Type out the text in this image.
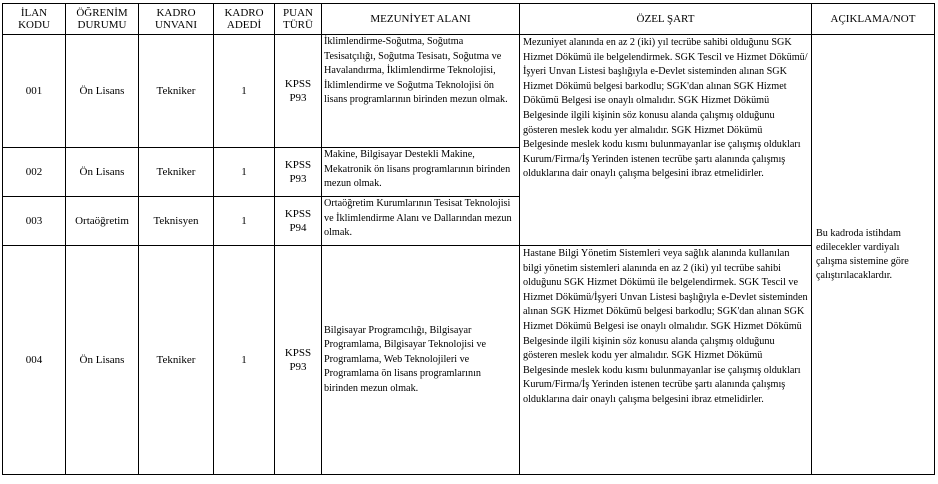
İLAN KODU	ÖĞRENİM DURUMU	KADRO UNVANI	KADRO ADEDİ	PUAN TÜRÜ	MEZUNİYET ALANI	ÖZEL ŞART	AÇIKLAMA/NOT
001	Ön Lisans	Tekniker	1	KPSS P93	İklimlendirme-Soğutma, Soğutma Tesisatçılığı, Soğutma Tesisatı, Soğutma ve Havalandırma, İklimlendirme Teknolojisi, İklimlendirme ve Soğutma Teknolojisi ön lisans programlarının birinden mezun olmak.	Mezuniyet alanında en az 2 (iki) yıl tecrübe sahibi olduğunu SGK Hizmet Dökümü ile belgelendirmek. SGK Tescil ve Hizmet Dökümü/İşyeri Unvan Listesi başlığıyla e-Devlet sisteminden alınan SGK Hizmet Dökümü belgesi barkodlu; SGK'dan alınan SGK Hizmet Dökümü Belgesi ise onaylı olmalıdır. SGK Hizmet Dökümü Belgesinde ilgili kişinin söz konusu alanda çalışmış olduğunu gösteren meslek kodu yer almalıdır. SGK Hizmet Dökümü Belgesinde meslek kodu kısmı bulunmayanlar ise çalışmış oldukları Kurum/Firma/İş Yerinden istenen tecrübe şartı alanında çalışmış olduklarına dair onaylı çalışma belgesini ibraz etmelidirler.	Bu kadroda istihdam edilecekler vardiyalı çalışma sistemine göre çalıştırılacaklardır.
002	Ön Lisans	Tekniker	1	KPSS P93	Makine, Bilgisayar Destekli Makine, Mekatronik ön lisans programlarının birinden mezun olmak.		
003	Ortaöğretim	Teknisyen	1	KPSS P94	Ortaöğretim Kurumlarının Tesisat Teknolojisi ve İklimlendirme Alanı ve Dallarından mezun olmak.		
004	Ön Lisans	Tekniker	1	KPSS P93	Bilgisayar Programcılığı, Bilgisayar Programlama, Bilgisayar Teknolojisi ve Programlama, Web Teknolojileri ve Programlama ön lisans programlarının birinden mezun olmak.	Hastane Bilgi Yönetim Sistemleri veya sağlık alanında kullanılan bilgi yönetim sistemleri alanında en az 2 (iki) yıl tecrübe sahibi olduğunu SGK Hizmet Dökümü ile belgelendirmek. SGK Tescil ve Hizmet Dökümü/İşyeri Unvan Listesi başlığıyla e-Devlet sisteminden alınan SGK Hizmet Dökümü belgesi barkodlu; SGK'dan alınan SGK Hizmet Dökümü Belgesi ise onaylı olmalıdır. SGK Hizmet Dökümü Belgesinde ilgili kişinin söz konusu alanda çalışmış olduğunu gösteren meslek kodu yer almalıdır. SGK Hizmet Dökümü Belgesinde meslek kodu kısmı bulunmayanlar ise çalışmış oldukları Kurum/Firma/İş Yerinden istenen tecrübe şartı alanında çalışmış olduklarına dair onaylı çalışma belgesini ibraz etmelidirler.	
